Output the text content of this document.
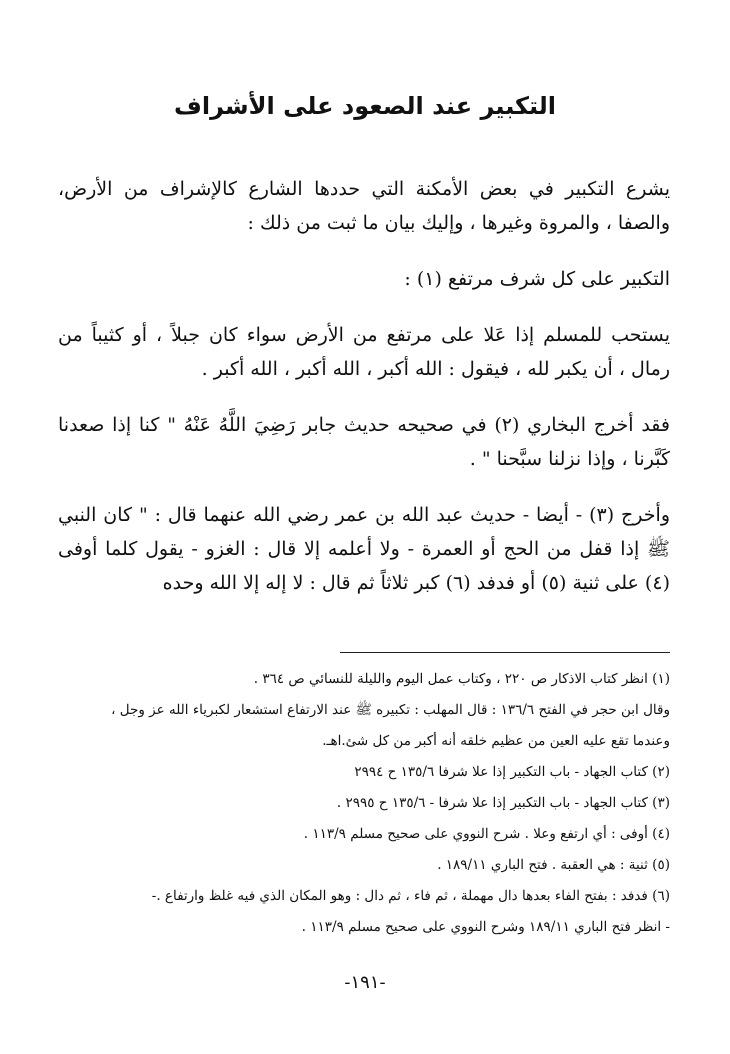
التكبير عند الصعود على الأشراف

يشرع التكبير في بعض الأمكنة التي حددها الشارع كالإشراف من الأرض، والصفا ، والمروة وغيرها ، وإليك بيان ما ثبت من ذلك :

التكبير على كل شرف مرتفع (١) :

يستحب للمسلم إذا عَلا على مرتفع من الأرض سواء كان جبلاً ، أو كثيباً من رمال ، أن يكبر لله ، فيقول : الله أكبر ، الله أكبر ، الله أكبر .

فقد أخرج البخاري (٢) في صحيحه حديث جابر رَضِيَ اللَّهُ عَنْهُ " كنا إذا صعدنا كَبَّرنا ، وإذا نزلنا سبَّحنا " .

وأخرج (٣) - أيضا - حديث عبد الله بن عمر رضي الله عنهما قال : " كان النبي ﷺ إذا قفل من الحج أو العمرة - ولا أعلمه إلا قال : الغزو - يقول كلما أوفى (٤) على ثنية (٥) أو فدفد (٦) كبر ثلاثاً ثم قال : لا إله إلا الله وحده

(١) انظر كتاب الاذكار ص ٢٢٠ ، وكتاب عمل اليوم والليلة للنسائي ص ٣٦٤ .

وقال ابن حجر في الفتح ١٣٦/٦ : قال المهلب : تكبيره ﷺ عند الارتفاع استشعار لكبرياء الله عز وجل ،

وعندما تقع عليه العين من عظيم خلقه أنه أكبر من كل شئ.اهـ.

(٢) كتاب الجهاد - باب التكبير إذا علا شرفا ١٣٥/٦ ح ٢٩٩٤

(٣) كتاب الجهاد - باب التكبير إذا علا شرفا - ١٣٥/٦ ح ٢٩٩٥ .

(٤) أوفى : أي ارتفع وعلا . شرح النووي على صحيح مسلم ١١٣/٩ .

(٥) ثنية : هي العقبة . فتح الباري ١٨٩/١١ .

(٦) فدفد : بفتح الفاء بعدها دال مهملة ، ثم فاء ، ثم دال : وهو المكان الذي فيه غلظ وارتفاع .-

- انظر فتح الباري ١٨٩/١١ وشرح النووي على صحيح مسلم ١١٣/٩ .

-١٩١-
